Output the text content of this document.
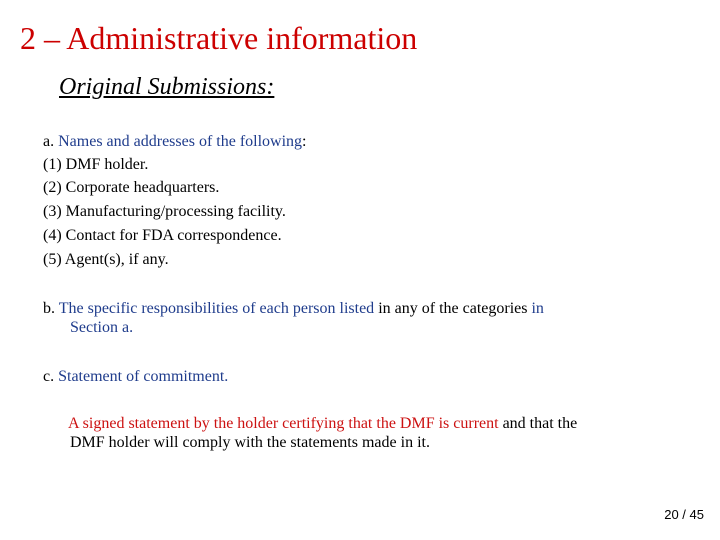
2 – Administrative information
Original Submissions:
a. Names and addresses of the following:
(1) DMF holder.
(2) Corporate headquarters.
(3) Manufacturing/processing facility.
(4) Contact for FDA correspondence.
(5) Agent(s), if any.
b. The specific responsibilities of each person listed in any of the categories in
Section a.
c. Statement of commitment.
A signed statement by the holder certifying that the DMF is current and that the
DMF holder will comply with the statements made in it.
20 / 45
